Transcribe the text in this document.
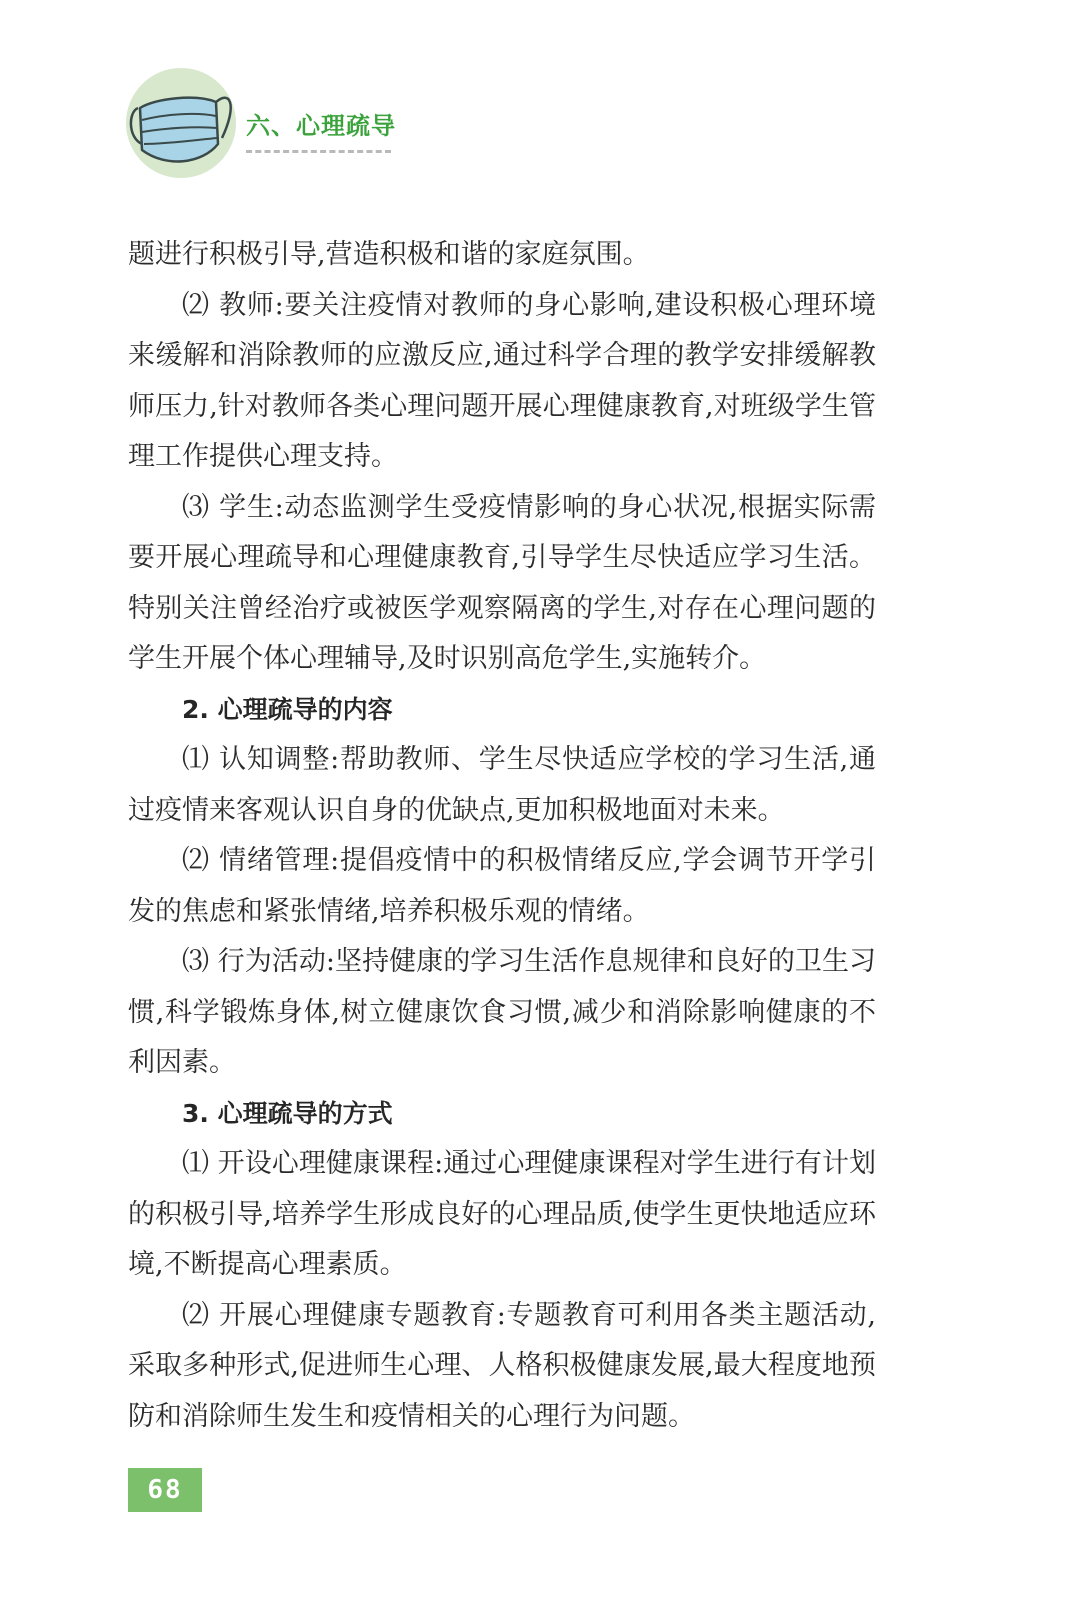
六、心理疏导

题进行积极引导,营造积极和谐的家庭氛围。

⑵ 教师:要关注疫情对教师的身心影响,建设积极心理环境来缓解和消除教师的应激反应,通过科学合理的教学安排缓解教师压力,针对教师各类心理问题开展心理健康教育,对班级学生管理工作提供心理支持。

⑶ 学生:动态监测学生受疫情影响的身心状况,根据实际需要开展心理疏导和心理健康教育,引导学生尽快适应学习生活。特别关注曾经治疗或被医学观察隔离的学生,对存在心理问题的学生开展个体心理辅导,及时识别高危学生,实施转介。

2. 心理疏导的内容

⑴ 认知调整:帮助教师、学生尽快适应学校的学习生活,通过疫情来客观认识自身的优缺点,更加积极地面对未来。

⑵ 情绪管理:提倡疫情中的积极情绪反应,学会调节开学引发的焦虑和紧张情绪,培养积极乐观的情绪。

⑶ 行为活动:坚持健康的学习生活作息规律和良好的卫生习惯,科学锻炼身体,树立健康饮食习惯,减少和消除影响健康的不利因素。

3. 心理疏导的方式

⑴ 开设心理健康课程:通过心理健康课程对学生进行有计划的积极引导,培养学生形成良好的心理品质,使学生更快地适应环境,不断提高心理素质。

⑵ 开展心理健康专题教育:专题教育可利用各类主题活动,采取多种形式,促进师生心理、人格积极健康发展,最大程度地预防和消除师生发生和疫情相关的心理行为问题。

68
